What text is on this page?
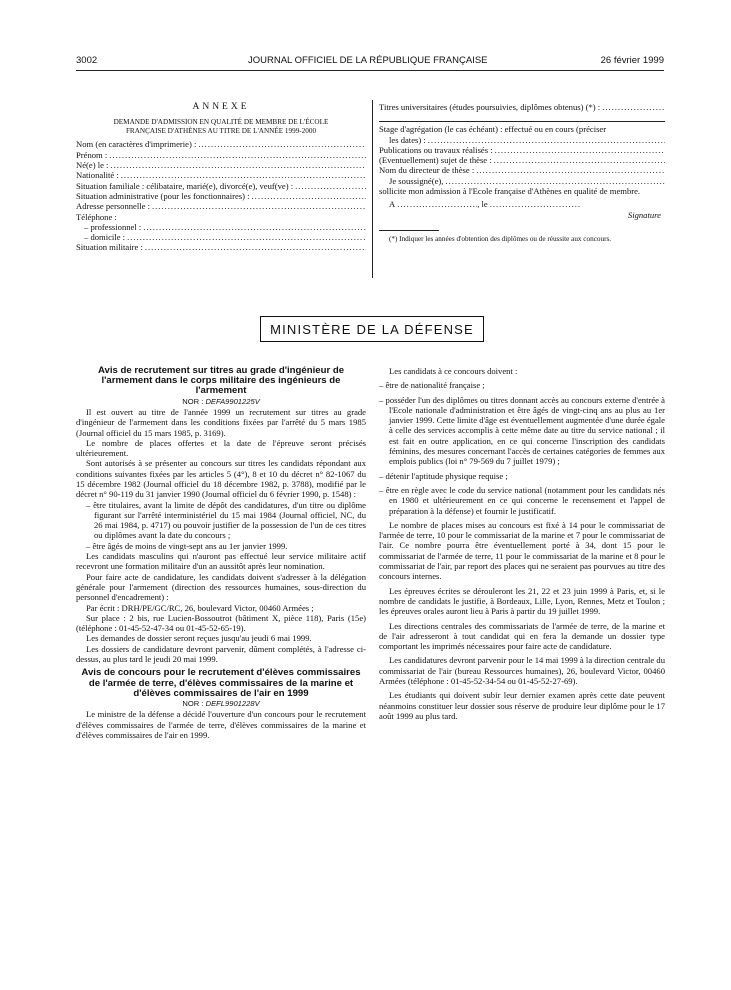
3002	JOURNAL OFFICIEL DE LA RÉPUBLIQUE FRANÇAISE	26 février 1999

ANNEXE

DEMANDE D'ADMISSION EN QUALITÉ DE MEMBRE DE L'ÉCOLE

FRANÇAISE D'ATHÈNES AU TITRE DE L'ANNÉE 1999-2000

Nom (en caractères d'imprimerie) :
.....
Prénom :
.....
Né(e) le :
.....
Nationalité :
.....
Situation familiale : célibataire, marié(e), divorcé(e), veuf(ve) :
.....
Situation administrative (pour les fonctionnaires) :
.....
Adresse personnelle :
.....
Téléphone :
– professionnel :
.....
– domicile :
.....
Situation militaire :
.....
Titres universitaires (études poursuivies, diplômes obtenus) (*) :
.....

Stage d'agrégation (le cas échéant) : effectué ou en cours (préciser

les dates) :
.....
Publications ou travaux réalisés :
.....
(Eventuellement) sujet de thèse :
.....
Nom du directeur de thèse :
.....
Je soussigné(e),
.....

sollicite mon admission à l'Ecole française d'Athènes en qualité de membre.

A
.....	, le
.....

Signature

(*) Indiquer les années d'obtention des diplômes ou de réussite aux concours.

MINISTÈRE DE LA DÉFENSE

Avis de recrutement sur titres au grade d'ingénieur de l'armement dans le corps militaire des ingénieurs de l'armement

NOR : DEFA9901225V

Il est ouvert au titre de l'année 1999 un recrutement sur titres au grade d'ingénieur de l'armement dans les conditions fixées par l'arrêté du 5 mars 1985 (Journal officiel du 15 mars 1985, p. 3169).

Le nombre de places offertes et la date de l'épreuve seront précisés ultérieurement.

Sont autorisés à se présenter au concours sur titres les candidats répondant aux conditions suivantes fixées par les articles 5 (4°), 8 et 10 du décret n° 82-1067 du 15 décembre 1982 (Journal officiel du 18 décembre 1982, p. 3788), modifié par le décret n° 90-119 du 31 janvier 1990 (Journal officiel du 6 février 1990, p. 1548) :

– être titulaires, avant la limite de dépôt des candidatures, d'un titre ou diplôme figurant sur l'arrêté interministériel du 15 mai 1984 (Journal officiel, NC, du 26 mai 1984, p. 4717) ou pouvoir justifier de la possession de l'un de ces titres ou diplômes avant la date du concours ;

– être âgés de moins de vingt-sept ans au 1er janvier 1999.

Les candidats masculins qui n'auront pas effectué leur service militaire actif recevront une formation militaire d'un an aussitôt après leur nomination.

Pour faire acte de candidature, les candidats doivent s'adresser à la délégation générale pour l'armement (direction des ressources humaines, sous-direction du personnel d'encadrement) :

Par écrit : DRH/PE/GC/RC, 26, boulevard Victor, 00460 Armées ;

Sur place : 2 bis, rue Lucien-Bossoutrot (bâtiment X, pièce 118), Paris (15e) (téléphone : 01-45-52-47-34 ou 01-45-52-65-19).

Les demandes de dossier seront reçues jusqu'au jeudi 6 mai 1999.

Les dossiers de candidature devront parvenir, dûment complétés, à l'adresse ci-dessus, au plus tard le jeudi 20 mai 1999.

Avis de concours pour le recrutement d'élèves commissaires de l'armée de terre, d'élèves commissaires de la marine et d'élèves commissaires de l'air en 1999

NOR : DEFL9901228V

Le ministre de la défense a décidé l'ouverture d'un concours pour le recrutement d'élèves commissaires de l'armée de terre, d'élèves commissaires de la marine et d'élèves commissaires de l'air en 1999.

Les candidats à ce concours doivent :

– être de nationalité française ;

– posséder l'un des diplômes ou titres donnant accès au concours externe d'entrée à l'Ecole nationale d'administration et être âgés de vingt-cinq ans au plus au 1er janvier 1999. Cette limite d'âge est éventuellement augmentée d'une durée égale à celle des services accomplis à cette même date au titre du service national ; il est fait en outre application, en ce qui concerne l'inscription des candidats féminins, des mesures concernant l'accès de certaines catégories de femmes aux emplois publics (loi n° 79-569 du 7 juillet 1979) ;

– détenir l'aptitude physique requise ;

– être en règle avec le code du service national (notamment pour les candidats nés en 1980 et ultérieurement en ce qui concerne le recensement et l'appel de préparation à la défense) et fournir le justificatif.

Le nombre de places mises au concours est fixé à 14 pour le commissariat de l'armée de terre, 10 pour le commissariat de la marine et 7 pour le commissariat de l'air. Ce nombre pourra être éventuellement porté à 34, dont 15 pour le commissariat de l'armée de terre, 11 pour le commissariat de la marine et 8 pour le commissariat de l'air, par report des places qui ne seraient pas pourvues au titre des concours internes.

Les épreuves écrites se dérouleront les 21, 22 et 23 juin 1999 à Paris, et, si le nombre de candidats le justifie, à Bordeaux, Lille, Lyon, Rennes, Metz et Toulon ; les épreuves orales auront lieu à Paris à partir du 19 juillet 1999.

Les directions centrales des commissariats de l'armée de terre, de la marine et de l'air adresseront à tout candidat qui en fera la demande un dossier type comportant les imprimés nécessaires pour faire acte de candidature.

Les candidatures devront parvenir pour le 14 mai 1999 à la direction centrale du commissariat de l'air (bureau Ressources humaines), 26, boulevard Victor, 00460 Armées (téléphone : 01-45-52-34-54 ou 01-45-52-27-69).

Les étudiants qui doivent subir leur dernier examen après cette date peuvent néanmoins constituer leur dossier sous réserve de produire leur diplôme pour le 17 août 1999 au plus tard.
